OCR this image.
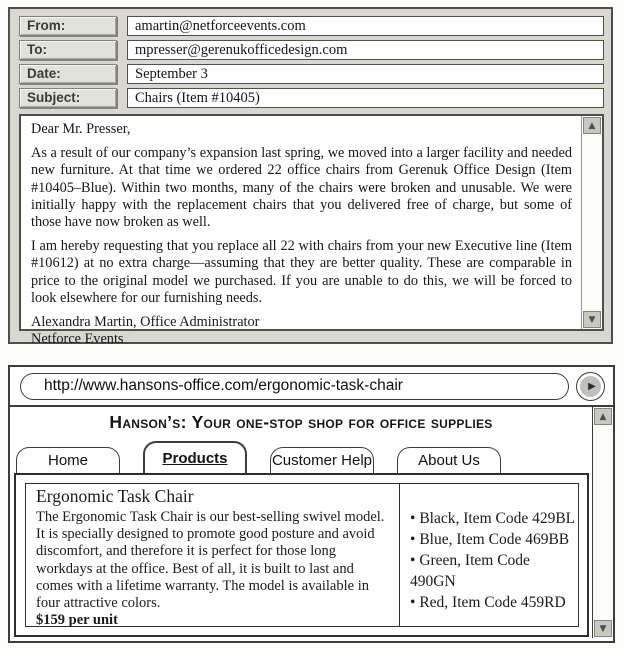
From:
amartin@netforceevents.com
To:
mpresser@gerenukofficedesign.com
Date:
September 3
Subject:
Chairs (Item #10405)
Dear Mr. Presser,
As a result of our company’s expansion last spring, we moved into a larger facility and needed new furniture. At that time we ordered 22 office chairs from Gerenuk Office Design (Item #10405–Blue). Within two months, many of the chairs were broken and unusable. We were initially happy with the replacement chairs that you delivered free of charge, but some of those have now broken as well.
I am hereby requesting that you replace all 22 with chairs from your new Executive line (Item #10612) at no extra charge—assuming that they are better quality. These are comparable in price to the original model we purchased. If you are unable to do this, we will be forced to look elsewhere for our furnishing needs.
Alexandra Martin, Office Administrator
Netforce Events
▲
▼
http://www.hansons-office.com/ergonomic-task-chair	▶
Hanson’s: Your one-stop shop for office supplies
Home	Products	Customer Help	About Us
Ergonomic Task Chair
The Ergonomic Task Chair is our best-selling swivel model. It is specially designed to promote good posture and avoid discomfort, and therefore it is perfect for those long workdays at the office. Best of all, it is built to last and comes with a lifetime warranty. The model is available in four attractive colors.
$159 per unit
• Black, Item Code 429BL
• Blue, Item Code 469BB
• Green, Item Code 490GN
• Red, Item Code 459RD
▲
▼
